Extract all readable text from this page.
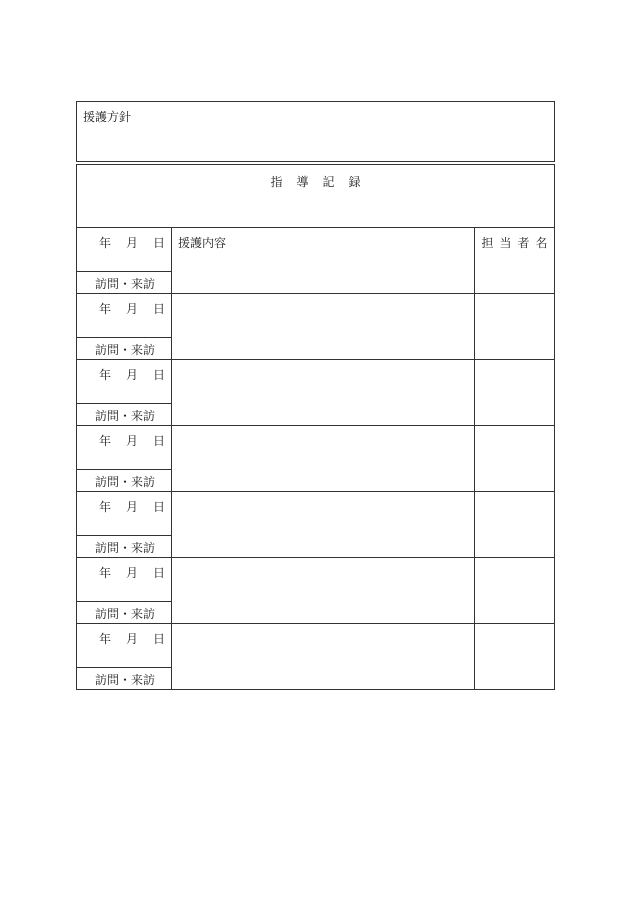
援護方針
指導記録
年月日
訪問・来訪
援護内容	担当者名
年月日
訪問・来訪
年月日
訪問・来訪
年月日
訪問・来訪
年月日
訪問・来訪
年月日
訪問・来訪
年月日
訪問・来訪
